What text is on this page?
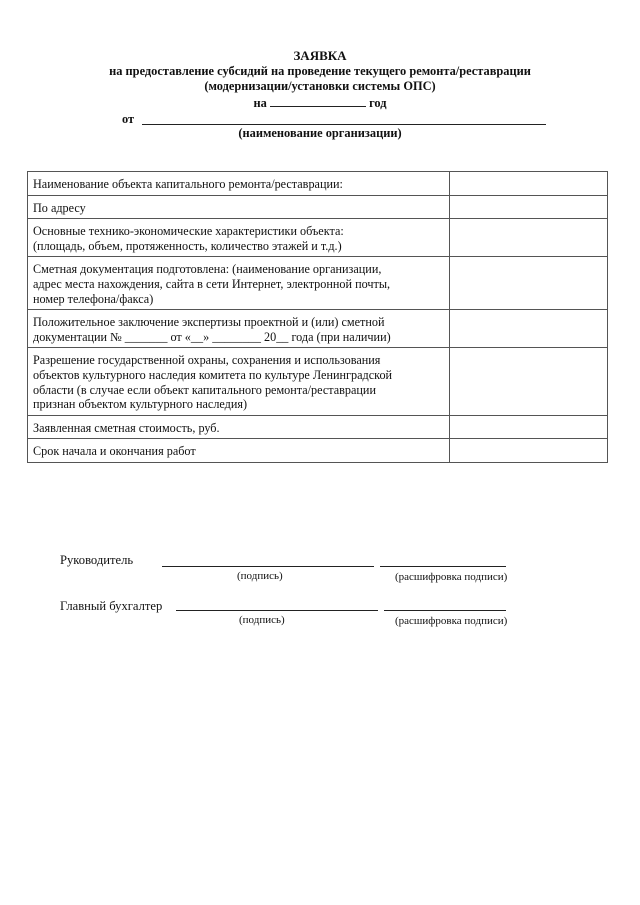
ЗАЯВКА
на предоставление субсидий на проведение текущего ремонта/реставрации
(модернизации/установки системы ОПС)
на	год
от
(наименование организации)
Наименование объекта капитального ремонта/реставрации:	

По адресу	

Основные технико-экономические характеристики объекта:
(площадь, объем, протяженность, количество этажей и т.д.)	

Сметная документация подготовлена: (наименование организации,
адрес места нахождения, сайта в сети Интернет, электронной почты,
номер телефона/факса)	

Положительное заключение экспертизы проектной и (или) сметной
документации № _______ от «__» ________ 20__ года (при наличии)	

Разрешение государственной охраны, сохранения и использования
объектов культурного наследия комитета по культуре Ленинградской
области (в случае если объект капитального ремонта/реставрации
признан объектом культурного наследия)	

Заявленная сметная стоимость, руб.	

Срок начала и окончания работ	

Руководитель
(подпись)	(расшифровка подписи)
Главный бухгалтер
(подпись)	(расшифровка подписи)
